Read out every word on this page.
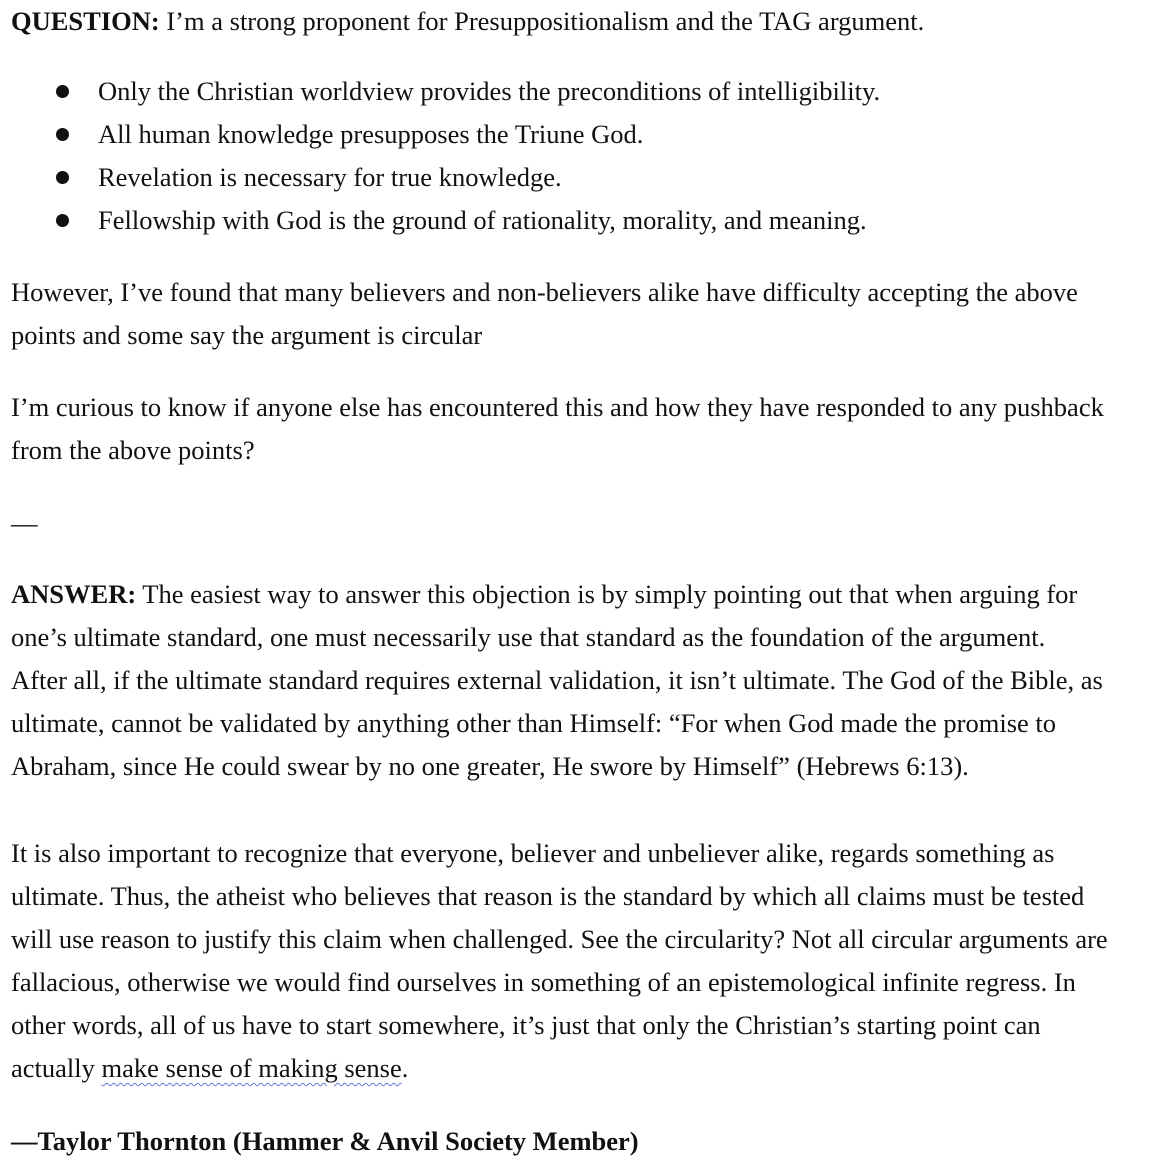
QUESTION: I’m a strong proponent for Presuppositionalism and the TAG argument.

Only the Christian worldview provides the preconditions of intelligibility.
All human knowledge presupposes the Triune God.
Revelation is necessary for true knowledge.
Fellowship with God is the ground of rationality, morality, and meaning.

However, I’ve found that many believers and non-believers alike have difficulty accepting the above

points and some say the argument is circular

I’m curious to know if anyone else has encountered this and how they have responded to any pushback

from the above points?

—

ANSWER: The easiest way to answer this objection is by simply pointing out that when arguing for

one’s ultimate standard, one must necessarily use that standard as the foundation of the argument.

After all, if the ultimate standard requires external validation, it isn’t ultimate. The God of the Bible, as

ultimate, cannot be validated by anything other than Himself: “For when God made the promise to

Abraham, since He could swear by no one greater, He swore by Himself” (Hebrews 6:13).

It is also important to recognize that everyone, believer and unbeliever alike, regards something as

ultimate. Thus, the atheist who believes that reason is the standard by which all claims must be tested

will use reason to justify this claim when challenged. See the circularity? Not all circular arguments are

fallacious, otherwise we would find ourselves in something of an epistemological infinite regress. In

other words, all of us have to start somewhere, it’s just that only the Christian’s starting point can

actually make sense of making sense.

—Taylor Thornton (Hammer & Anvil Society Member)
